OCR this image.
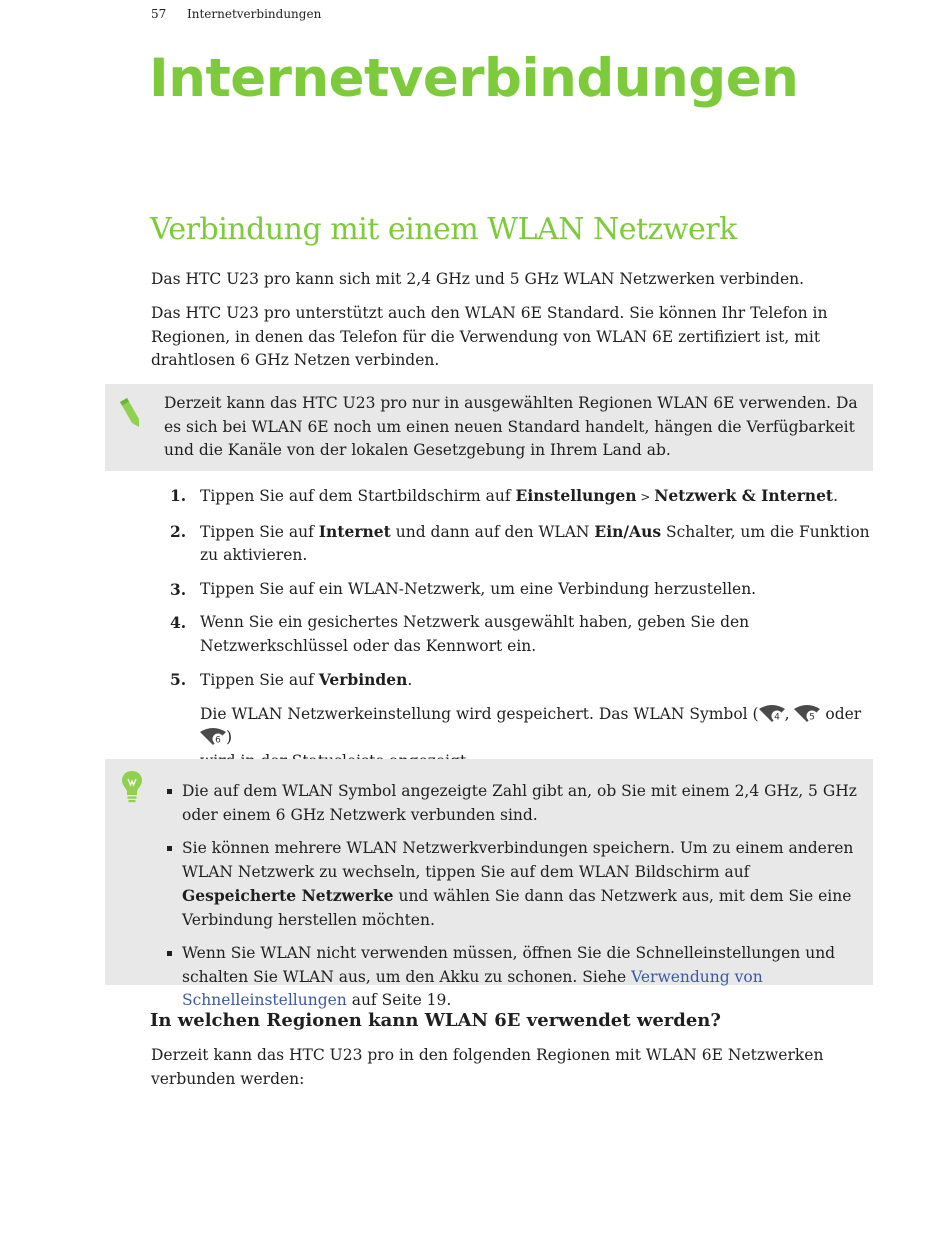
57 Internetverbindungen
Internetverbindungen
Verbindung mit einem WLAN Netzwerk

Das HTC U23 pro kann sich mit 2,4 GHz und 5 GHz WLAN Netzwerken verbinden.

Das HTC U23 pro unterstützt auch den WLAN 6E Standard. Sie können Ihr Telefon in Regionen, in denen das Telefon für die Verwendung von WLAN 6E zertifiziert ist, mit drahtlosen 6 GHz Netzen verbinden.

Derzeit kann das HTC U23 pro nur in ausgewählten Regionen WLAN 6E verwenden. Da es sich bei WLAN 6E noch um einen neuen Standard handelt, hängen die Verfügbarkeit und die Kanäle von der lokalen Gesetzgebung in Ihrem Land ab.
1. Tippen Sie auf dem Startbildschirm auf Einstellungen > Netzwerk & Internet.
2. Tippen Sie auf Internet und dann auf den WLAN Ein/Aus Schalter, um die Funktion zu aktivieren.
3. Tippen Sie auf ein WLAN-Netzwerk, um eine Verbindung herzustellen.
4. Wenn Sie ein gesichertes Netzwerk ausgewählt haben, geben Sie den Netzwerkschlüssel oder das Kennwort ein.
5. Tippen Sie auf Verbinden.
Die WLAN Netzwerkeinstellung wird gespeichert. Das WLAN Symbol ( 4 , 5 oder
6 )

Die auf dem WLAN Symbol angezeigte Zahl gibt an, ob Sie mit einem 2,4 GHz, 5 GHz oder einem 6 GHz Netzwerk verbunden sind.
Sie können mehrere WLAN Netzwerkverbindungen speichern. Um zu einem anderen WLAN Netzwerk zu wechseln, tippen Sie auf dem WLAN Bildschirm auf Gespeicherte Netzwerke und wählen Sie dann das Netzwerk aus, mit dem Sie eine Verbindung herstellen möchten.
Wenn Sie WLAN nicht verwenden müssen, öffnen Sie die Schnelleinstellungen und schalten Sie WLAN aus, um den Akku zu schonen. Siehe Verwendung von Schnelleinstellungen auf Seite 19.
In welchen Regionen kann WLAN 6E verwendet werden?

Derzeit kann das HTC U23 pro in den folgenden Regionen mit WLAN 6E Netzwerken verbunden werden:
